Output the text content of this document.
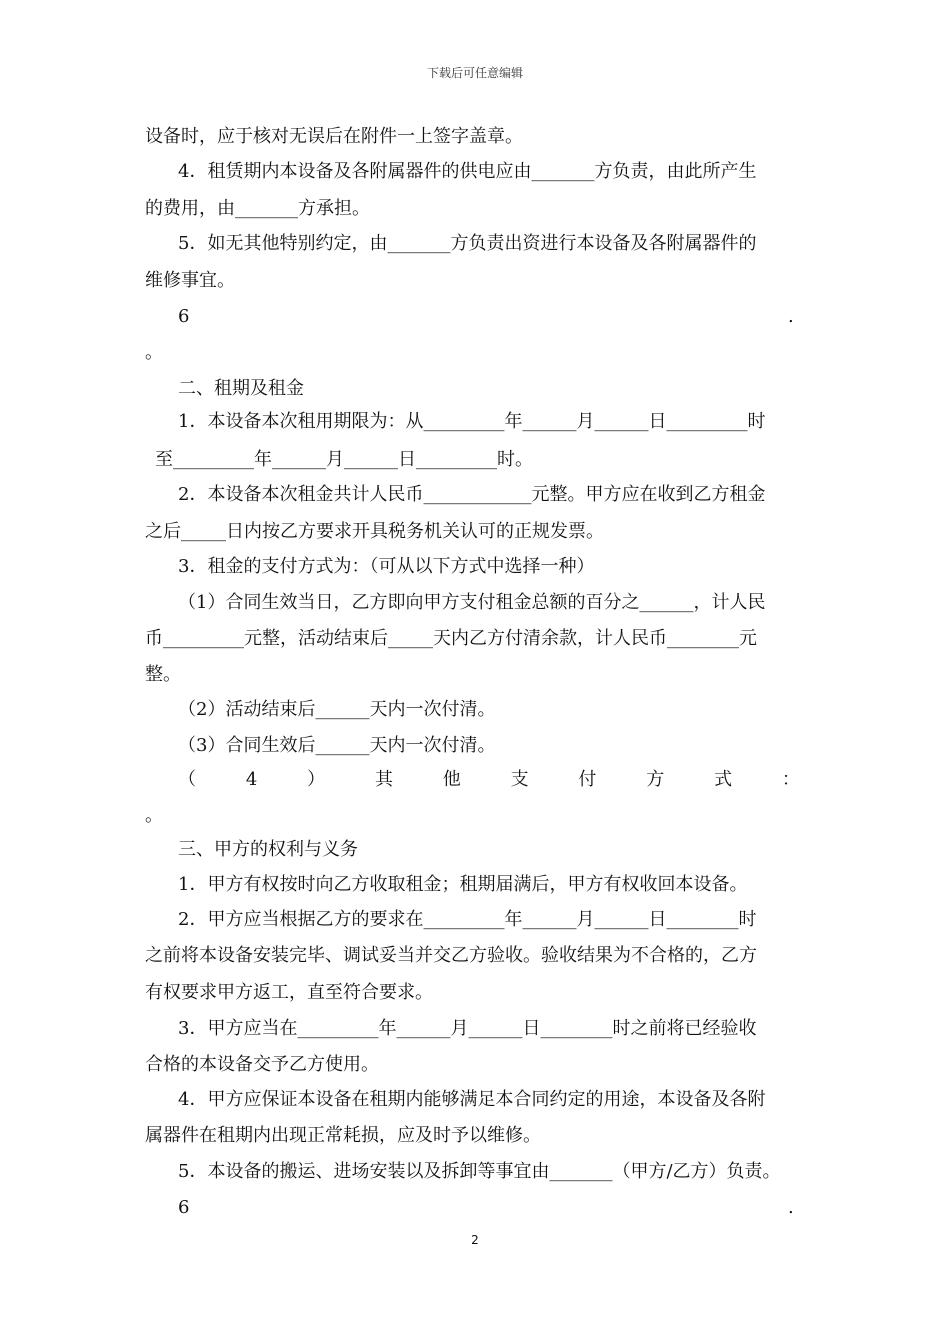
下载后可任意编辑
设备时，应于核对无误后在附件一上签字盖章。
4．租赁期内本设备及各附属器件的供电应由_______方负责，由此所产生
的费用，由_______方承担。
5．如无其他特别约定，由_______方负责出资进行本设备及各附属器件的
维修事宜。
6	.
。
二、租期及租金
1．本设备本次租用期限为：从_________年______月______日_________时
至_________年______月______日_________时。
2．本设备本次租金共计人民币____________元整。甲方应在收到乙方租金
之后_____日内按乙方要求开具税务机关认可的正规发票。
3．租金的支付方式为：（可从以下方式中选择一种）
（1）合同生效当日，乙方即向甲方支付租金总额的百分之______，计人民
币_________元整，活动结束后_____天内乙方付清余款，计人民币________元
整。
（2）活动结束后______天内一次付清。
（3）合同生效后______天内一次付清。
（	4	）	其	他	支	付	方	式	：
。
三、甲方的权利与义务
1．甲方有权按时向乙方收取租金；租期届满后，甲方有权收回本设备。
2．甲方应当根据乙方的要求在_________年______月______日________时
之前将本设备安装完毕、调试妥当并交乙方验收。验收结果为不合格的，乙方
有权要求甲方返工，直至符合要求。
3．甲方应当在_________年______月______日________时之前将已经验收
合格的本设备交予乙方使用。
4．甲方应保证本设备在租期内能够满足本合同约定的用途，本设备及各附
属器件在租期内出现正常耗损，应及时予以维修。
5．本设备的搬运、进场安装以及拆卸等事宜由_______（甲方/乙方）负责。
6	.
2
